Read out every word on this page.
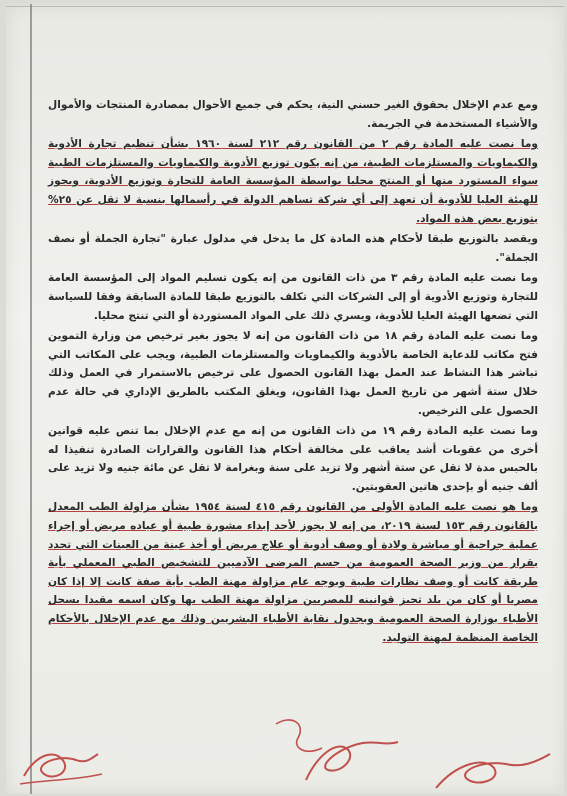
ومع عدم الإخلال بحقوق الغير حسني النية، يحكم في جميع الأحوال بمصادرة المنتجات والأموال والأشياء المستخدمة في الجريمة.

وما نصت عليه المادة رقم ٢ من القانون رقم ٢١٢ لسنة ١٩٦٠ بشأن تنظيم تجارة الأدوية والكيماويات والمستلزمات الطبية، من إنه يكون توزيع الأدوية والكيماويات والمستلزمات الطبية سواء المستورد منها أو المنتج محليا بواسطة المؤسسة العامة للتجارة وتوزيع الأدوية، ويجوز للهيئة العليا للأدوية أن تعهد إلى أي شركة تساهم الدولة في رأسمالها بنسبة لا تقل عن ٢٥% بتوزيع بعض هذه المواد.

ويقصد بالتوزيع طبقا لأحكام هذه المادة كل ما يدخل في مدلول عبارة "تجارة الجملة أو نصف الجملة".

وما نصت عليه المادة رقم ٣ من ذات القانون من إنه يكون تسليم المواد إلى المؤسسة العامة للتجارة وتوزيع الأدوية أو إلى الشركات التي تكلف بالتوزيع طبقا للمادة السابقة وفقا للسياسة التي تضعها الهيئة العليا للأدوية، ويسري ذلك على المواد المستوردة أو التي تنتج محليا.

وما نصت عليه المادة رقم ١٨ من ذات القانون من إنه لا يجوز بغير ترخيص من وزارة التموين فتح مكاتب للدعاية الخاصة بالأدوية والكيماويات والمستلزمات الطبية، ويجب على المكاتب التي تباشر هذا النشاط عند العمل بهذا القانون الحصول على ترخيص بالاستمرار في العمل وذلك خلال ستة أشهر من تاريخ العمل بهذا القانون، ويغلق المكتب بالطريق الإداري في حالة عدم الحصول على الترخيص.

وما نصت عليه المادة رقم ١٩ من ذات القانون من إنه مع عدم الإخلال بما تنص عليه قوانين أخرى من عقوبات أشد يعاقب على مخالفة أحكام هذا القانون والقرارات الصادرة تنفيذا له بالحبس مدة لا تقل عن ستة أشهر ولا تزيد على سنة وبغرامة لا تقل عن مائة جنيه ولا تزيد على ألف جنيه أو بإحدى هاتين العقوبتين.

وما هو نصت عليه المادة الأولى من القانون رقم ٤١٥ لسنة ١٩٥٤ بشأن مزاولة الطب المعدل بالقانون رقم ١٥٣ لسنة ٢٠١٩، من إنه لا يجوز لأحد إبداء مشورة طبية أو عياده مريض أو إجراء عملية جراحية أو مباشرة ولادة أو وصف أدوية أو علاج مريض أو أخذ عينة من العينات التي تحدد بقرار من وزير الصحة العمومية من جسم المرضى الآدميين للتشخيص الطبي المعملي بأية طريقة كانت أو وصف نظارات طبية وبوجه عام مزاولة مهنة الطب بأية صفة كانت إلا إذا كان مصريا أو كان من بلد تجيز قوانينه للمصريين مزاولة مهنة الطب بها وكان اسمه مقيدا بسجل الأطباء بوزارة الصحة العمومية وبجدول نقابة الأطباء البشريين وذلك مع عدم الإخلال بالأحكام الخاصة المنظمة لمهنة التوليد.
